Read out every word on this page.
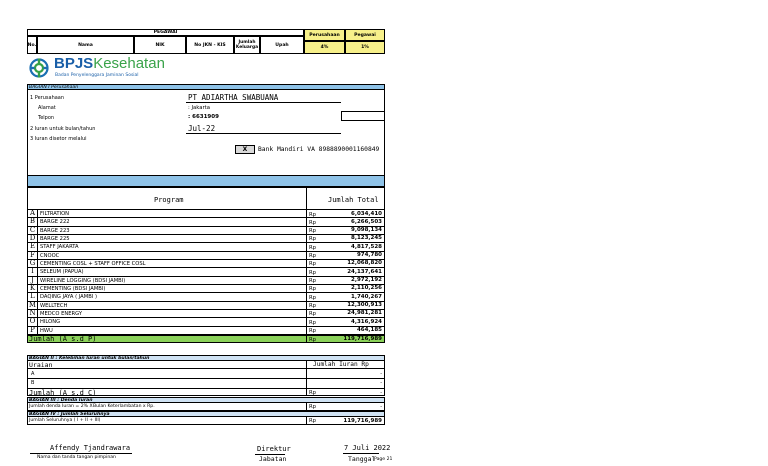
PEGAWAI
No.	Nama	NIK	No JKN - KIS	Jumlah Keluarga	Upah
Perusahaan	Pegawai
4%	1%
BPJSKesehatan
Badan Penyelenggara Jaminan Sosial
BAGIAN I Perusahaan
1 Perusahaan	PT ADIARTHA SWABUANA
Alamat	: Jakarta
Telpon	: 6631909
2 Iuran untuk bulan/tahun	Jul-22
3 Iuran disetor melalui
X	Bank Mandiri VA 8988890001160849
Program	Jumlah Total
A FILTRATION	Rp	6,034,410
B BARGE 222	Rp	6,266,503
C BARGE 223	Rp	9,098,134
D BARGE 225	Rp	8,123,245
E STAFF JAKARTA	Rp	4,817,528
F CNOOC	Rp	974,780
G CEMENTING COSL + STAFF OFFICE COSL	Rp	12,068,820
I	SELEUM (PAPUA)	Rp	24,137,641
J	WIRELINE LOGGING (BDSI JAMBI)	Rp	2,972,192
K CEMENTING (BDSI JAMBI)	Rp	2,110,256
L DAQING JAYA ( JAMBI )	Rp	1,740,267
M WELLTECH	Rp	12,300,913
N MEDCO ENERGY	Rp	24,981,281
O HILONG	Rp	4,316,924
P HWU	Rp	464,185
Jumlah (A s.d P)	Rp	119,716,989
BAGIAN II : Kelebihan Iuran untuk bulan/tahun
Uraian	Jumlah Iuran Rp
A	-
B	-
Jumlah (A s.d C)	Rp	-
BAGIAN III : Denda Iuran
Jumlah denda Iuran = 2% X Bulan Keterlambatan x Rp.	Rp	-
BAGIAN IV : Jumlah Seluruhnya
Jumlah Seluruhnya ( I + II + III)	Rp	119,716,989
Affendy Tjandrawara
Nama dan tanda tangan pimpinan
Direktur
Jabatan
7 Juli 2022
Tanggal
Page 21
